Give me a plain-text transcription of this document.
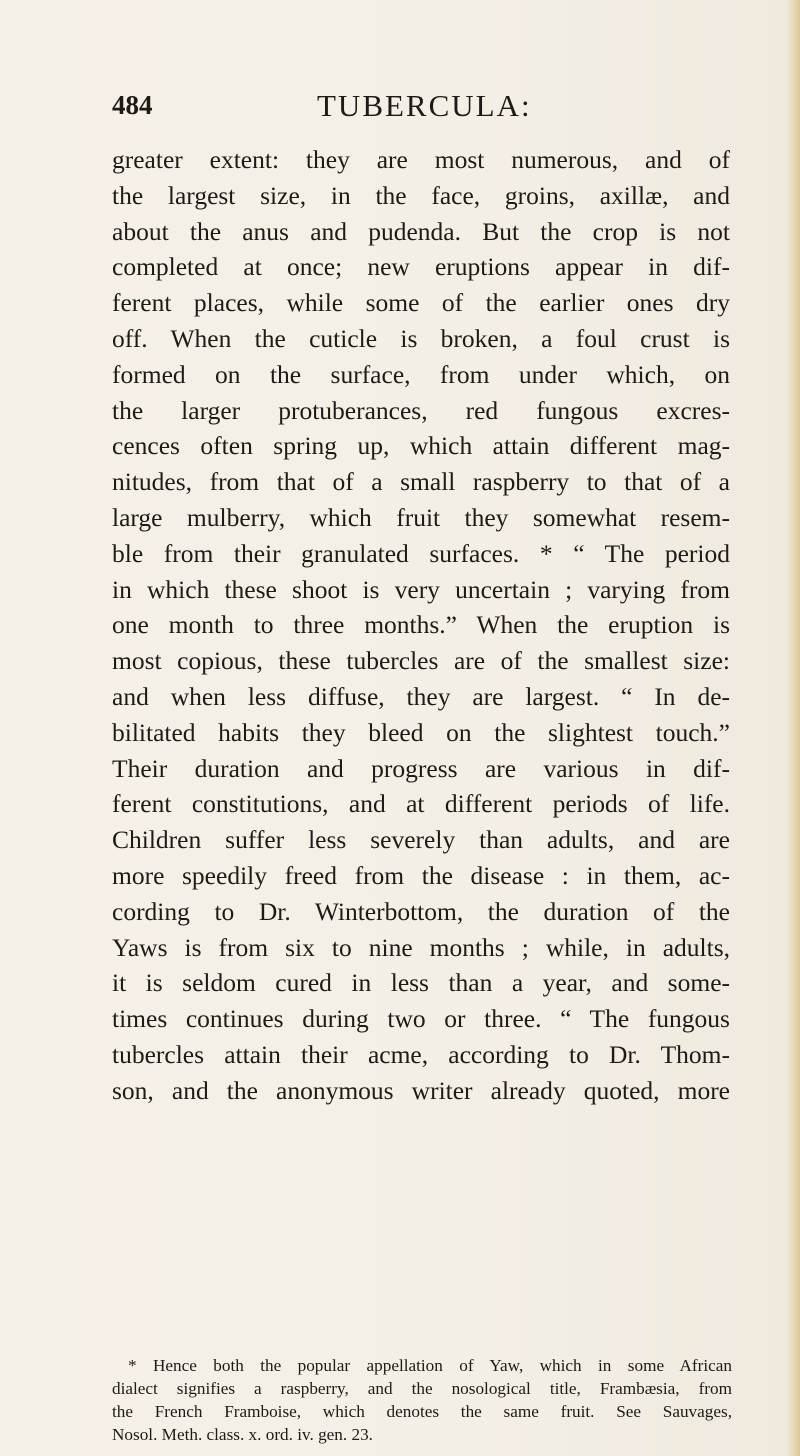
484	TUBERCULA:
greater extent: they are most numerous, and of
the largest size, in the face, groins, axillæ, and
about the anus and pudenda. But the crop is not
completed at once; new eruptions appear in dif-
ferent places, while some of the earlier ones dry
off. When the cuticle is broken, a foul crust is
formed on the surface, from under which, on
the larger protuberances, red fungous excres-
cences often spring up, which attain different mag-
nitudes, from that of a small raspberry to that of a
large mulberry, which fruit they somewhat resem-
ble from their granulated surfaces. * “ The period
in which these shoot is very uncertain ; varying from
one month to three months.” When the eruption is
most copious, these tubercles are of the smallest size:
and when less diffuse, they are largest. “ In de-
bilitated habits they bleed on the slightest touch.”
Their duration and progress are various in dif-
ferent constitutions, and at different periods of life.
Children suffer less severely than adults, and are
more speedily freed from the disease : in them, ac-
cording to Dr. Winterbottom, the duration of the
Yaws is from six to nine months ; while, in adults,
it is seldom cured in less than a year, and some-
times continues during two or three. “ The fungous
tubercles attain their acme, according to Dr. Thom-
son, and the anonymous writer already quoted, more
* Hence both the popular appellation of Yaw, which in some African
dialect signifies a raspberry, and the nosological title, Frambæsia, from
the French Framboise, which denotes the same fruit. See Sauvages,
Nosol. Meth. class. x. ord. iv. gen. 23.
